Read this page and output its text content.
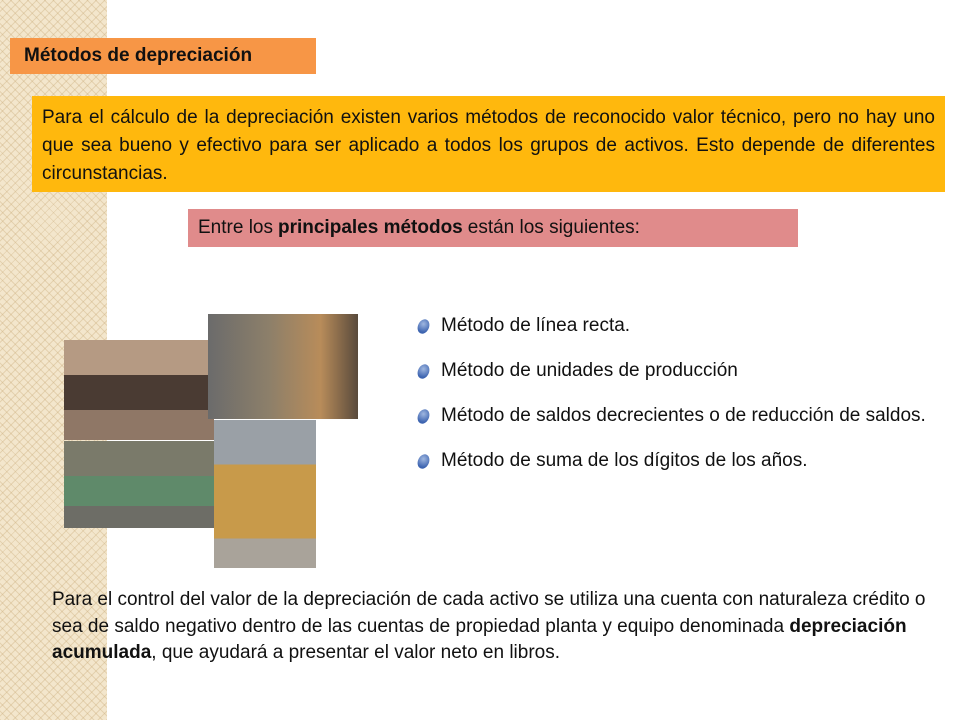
Métodos de depreciación
Para el cálculo de la depreciación existen varios métodos de reconocido valor técnico, pero no hay uno que sea bueno y efectivo para ser aplicado a todos los grupos de activos. Esto depende de diferentes circunstancias.
Entre los principales métodos están los siguientes:
Método de línea recta.
Método de unidades de producción
Método de saldos decrecientes o de reducción de saldos.
Método de suma de los dígitos de los años.
Para el control del valor de la depreciación de cada activo se utiliza una cuenta con naturaleza crédito o sea de saldo negativo dentro de las cuentas de propiedad planta y equipo denominada depreciación acumulada, que ayudará a presentar el valor neto en libros.
